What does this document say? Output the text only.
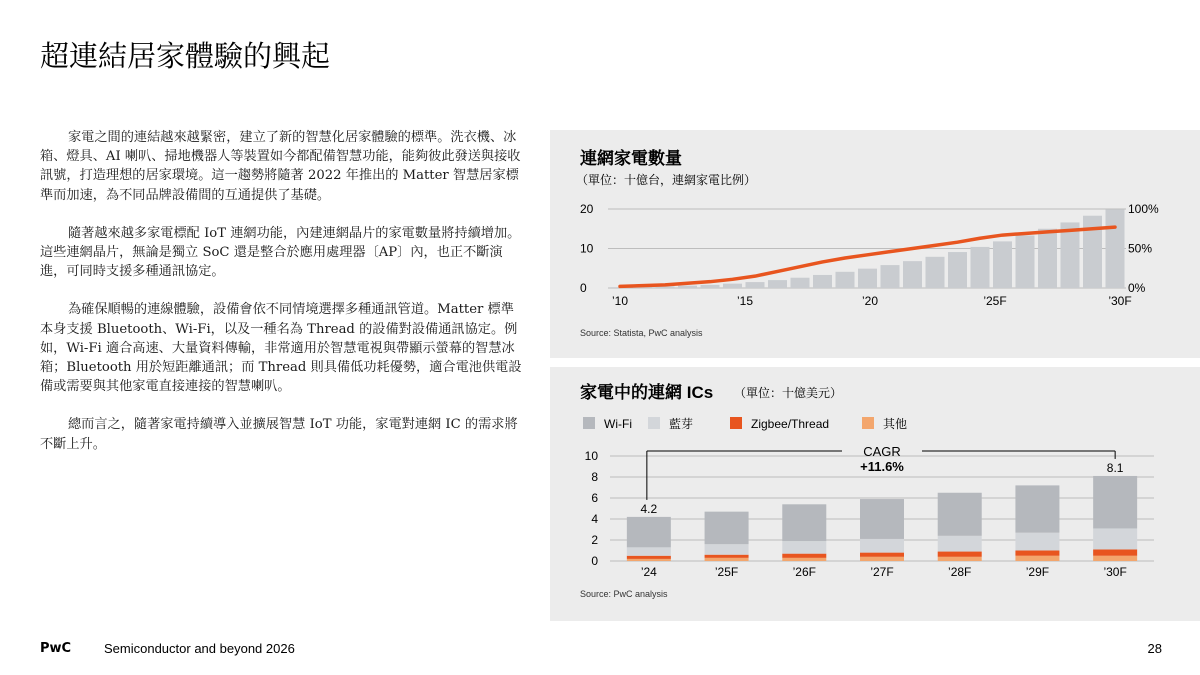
超連結居家體驗的興起

家電之間的連結越來越緊密，建立了新的智慧化居家體驗的標準。洗衣機、冰箱、燈具、AI 喇叭、掃地機器人等裝置如今都配備智慧功能，能夠彼此發送與接收訊號，打造理想的居家環境。這一趨勢將隨著 2022 年推出的 Matter 智慧居家標準而加速，為不同品牌設備間的互通提供了基礎。

隨著越來越多家電標配 IoT 連網功能，內建連網晶片的家電數量將持續增加。這些連網晶片，無論是獨立 SoC 還是整合於應用處理器〔AP〕內，也正不斷演進，可同時支援多種通訊協定。

為確保順暢的連線體驗，設備會依不同情境選擇多種通訊管道。Matter 標準本身支援 Bluetooth、Wi-Fi，以及一種名為 Thread 的設備對設備通訊協定。例如，Wi-Fi 適合高速、大量資料傳輸，非常適用於智慧電視與帶顯示螢幕的智慧冰箱；Bluetooth 用於短距離通訊；而 Thread 則具備低功耗優勢，適合電池供電設備或需要與其他家電直接連接的智慧喇叭。

總而言之，隨著家電持續導入並擴展智慧 IoT 功能，家電對連網 IC 的需求將不斷上升。

連網家電數量
（單位：十億台，連網家電比例）
Source: Statista, PwC analysis
0
10
20
0%
50%
100%
’10	’15	’20	’25F	’30F
家電中的連網 ICs （單位：十億美元）
Source: PwC analysis
Wi-Fi	藍芽	Zigbee/Thread	其他
0
2
4
6
8
10
’24
4.2
’25F	’26F	’27F	’28F	’29F	’30F
8.1
CAGR
+11.6%
PwC	Semiconductor and beyond 2026	28
